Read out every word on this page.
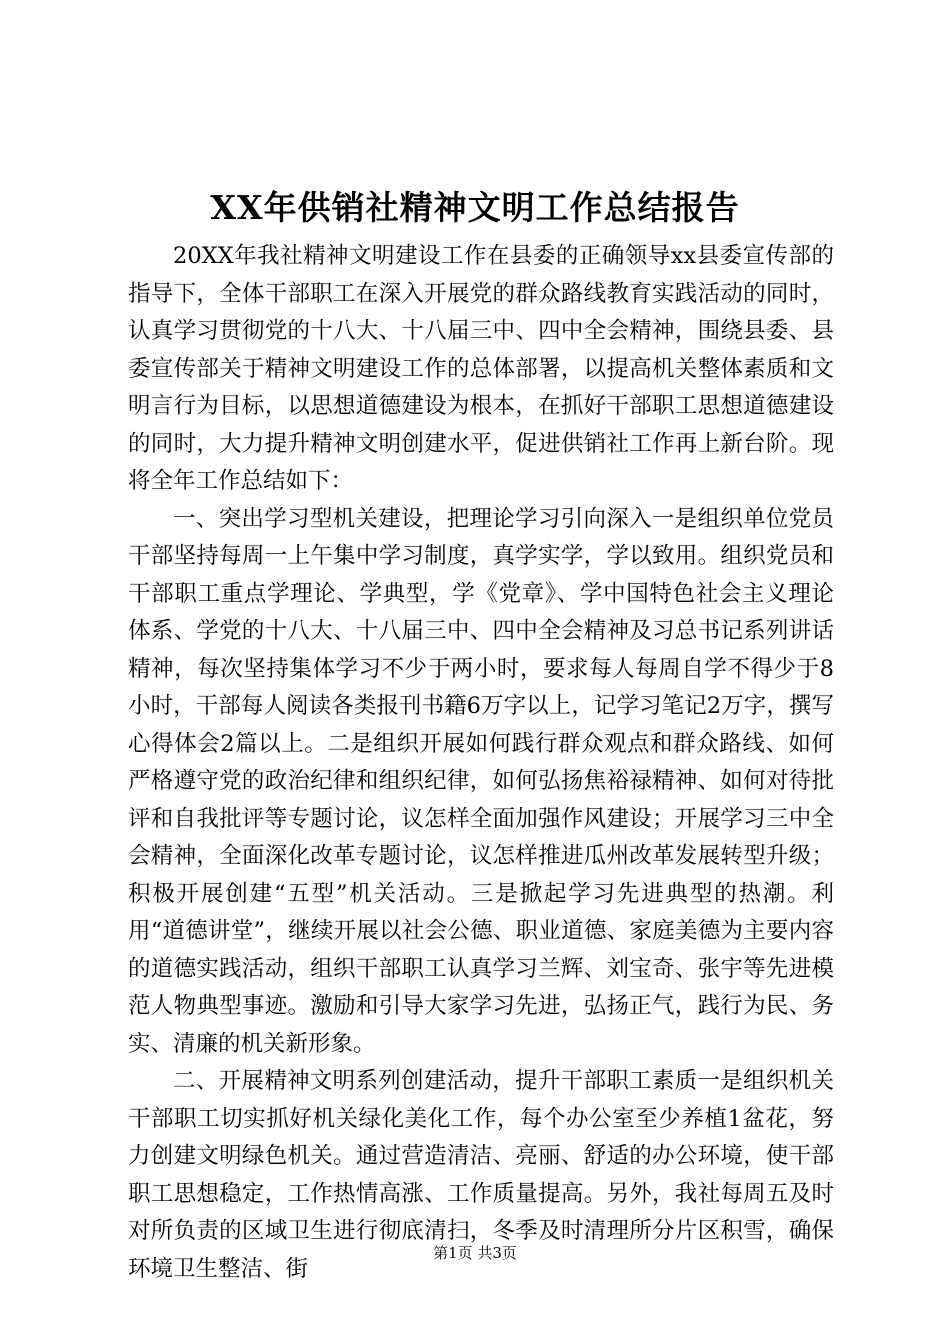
XX年供销社精神文明工作总结报告

20XX年我社精神文明建设工作在县委的正确领导xx县委宣传部的指导下，全体干部职工在深入开展党的群众路线教育实践活动的同时，认真学习贯彻党的十八大、十八届三中、四中全会精神，围绕县委、县委宣传部关于精神文明建设工作的总体部署，以提高机关整体素质和文明言行为目标，以思想道德建设为根本，在抓好干部职工思想道德建设的同时，大力提升精神文明创建水平，促进供销社工作再上新台阶。现将全年工作总结如下：

一、突出学习型机关建设，把理论学习引向深入一是组织单位党员干部坚持每周一上午集中学习制度，真学实学，学以致用。组织党员和干部职工重点学理论、学典型，学《党章》、学中国特色社会主义理论体系、学党的十八大、十八届三中、四中全会精神及习总书记系列讲话精神，每次坚持集体学习不少于两小时，要求每人每周自学不得少于8小时，干部每人阅读各类报刊书籍6万字以上，记学习笔记2万字，撰写心得体会2篇以上。二是组织开展如何践行群众观点和群众路线、如何严格遵守党的政治纪律和组织纪律，如何弘扬焦裕禄精神、如何对待批评和自我批评等专题讨论，议怎样全面加强作风建设；开展学习三中全会精神，全面深化改革专题讨论，议怎样推进瓜州改革发展转型升级；积极开展创建“五型”机关活动。三是掀起学习先进典型的热潮。利用“道德讲堂”，继续开展以社会公德、职业道德、家庭美德为主要内容的道德实践活动，组织干部职工认真学习兰辉、刘宝奇、张宇等先进模范人物典型事迹。激励和引导大家学习先进，弘扬正气，践行为民、务实、清廉的机关新形象。

二、开展精神文明系列创建活动，提升干部职工素质一是组织机关干部职工切实抓好机关绿化美化工作，每个办公室至少养植1盆花，努力创建文明绿色机关。通过营造清洁、亮丽、舒适的办公环境，使干部职工思想稳定，工作热情高涨、工作质量提高。另外，我社每周五及时对所负责的区域卫生进行彻底清扫，冬季及时清理所分片区积雪，确保环境卫生整洁、街

第1页 共3页
